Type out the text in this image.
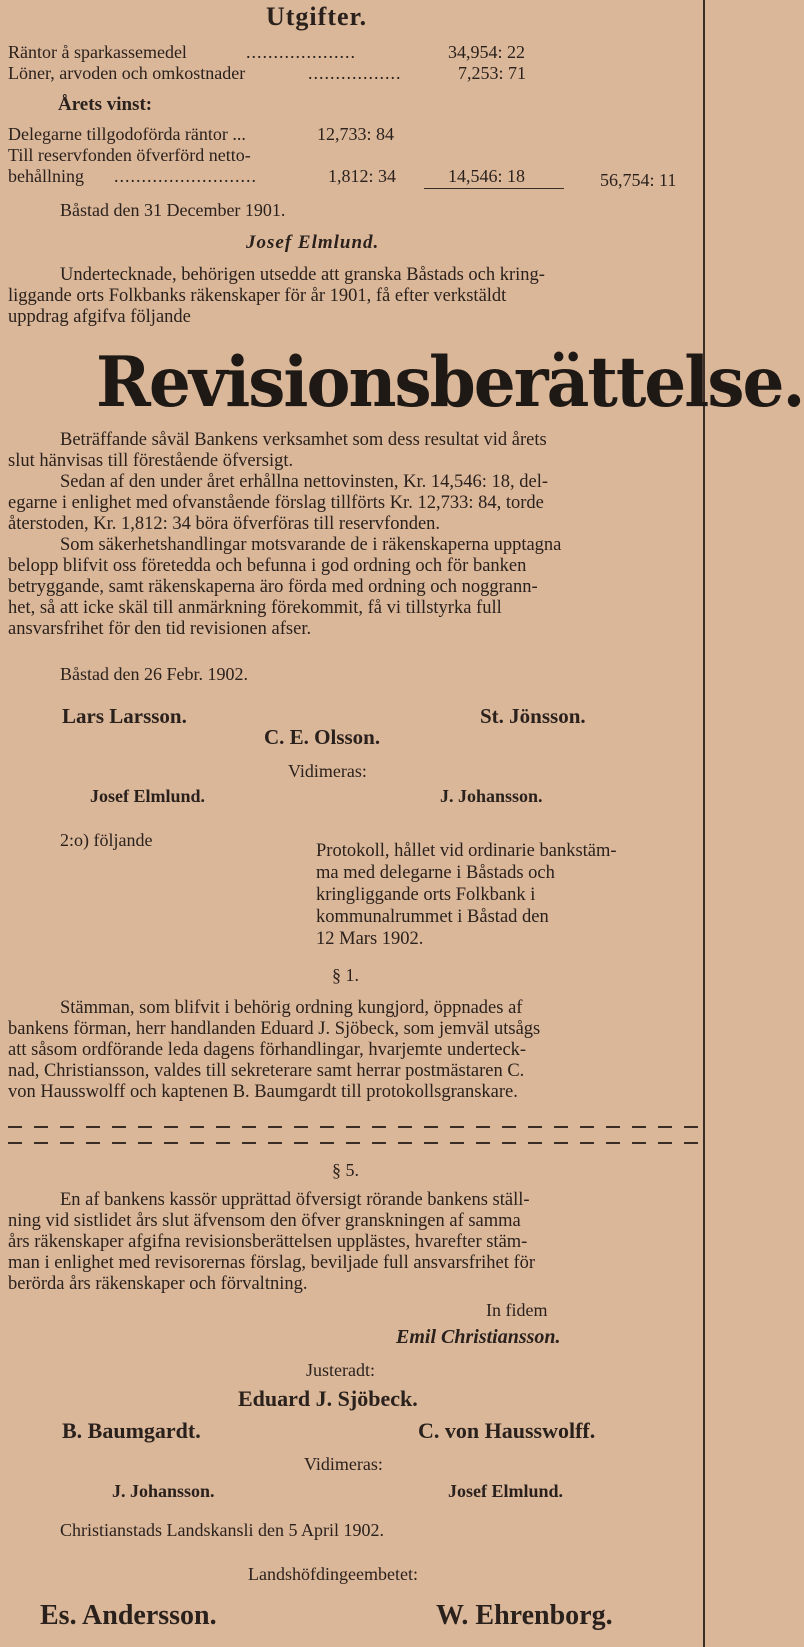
Utgifter.
Räntor å sparkassemedel	....................	34,954: 22
Löner, arvoden och omkostnader	.................	7,253: 71
Årets vinst:
Delegarne tillgodoförda räntor ...	12,733: 84
Till reservfonden öfverförd netto-
behållning ..........................	1,812: 34	14,546: 18	56,754: 11
Båstad den 31 December 1901.
Josef Elmlund.

Undertecknade, behörigen utsedde att granska Båstads och kring-

liggande orts Folkbanks räkenskaper för år 1901, få efter verkstäldt

uppdrag afgifva följande

Revisionsberättelse.

Beträffande såväl Bankens verksamhet som dess resultat vid årets

slut hänvisas till förestående öfversigt.

Sedan af den under året erhållna nettovinsten, Kr. 14,546: 18, del-

egarne i enlighet med ofvanstående förslag tillförts Kr. 12,733: 84, torde

återstoden, Kr. 1,812: 34 böra öfverföras till reservfonden.

Som säkerhetshandlingar motsvarande de i räkenskaperna upptagna

belopp blifvit oss företedda och befunna i god ordning och för banken

betryggande, samt räkenskaperna äro förda med ordning och noggrann-

het, så att icke skäl till anmärkning förekommit, få vi tillstyrka full

ansvarsfrihet för den tid revisionen afser.

Båstad den 26 Febr. 1902.
Lars Larsson.	St. Jönsson.
C. E. Olsson.
Vidimeras:
Josef Elmlund.	J. Johansson.
2:o) följande
Protokoll, hållet vid ordinarie bankstäm-
ma med delegarne i Båstads och
kringliggande orts Folkbank i
kommunalrummet i Båstad den
12 Mars 1902.
§ 1.

Stämman, som blifvit i behörig ordning kungjord, öppnades af

bankens förman, herr handlanden Eduard J. Sjöbeck, som jemväl utsågs

att såsom ordförande leda dagens förhandlingar, hvarjemte underteck-

nad, Christiansson, valdes till sekreterare samt herrar postmästaren C.

von Hausswolff och kaptenen B. Baumgardt till protokollsgranskare.

§ 5.

En af bankens kassör upprättad öfversigt rörande bankens ställ-

ning vid sistlidet års slut äfvensom den öfver granskningen af samma

års räkenskaper afgifna revisionsberättelsen upplästes, hvarefter stäm-

man i enlighet med revisorernas förslag, beviljade full ansvarsfrihet för

berörda års räkenskaper och förvaltning.

In fidem
Emil Christiansson.
Justeradt:
Eduard J. Sjöbeck.
B. Baumgardt.	C. von Hausswolff.
Vidimeras:
J. Johansson.	Josef Elmlund.
Christianstads Landskansli den 5 April 1902.
Landshöfdingeembetet:
Es. Andersson.	W. Ehrenborg.
